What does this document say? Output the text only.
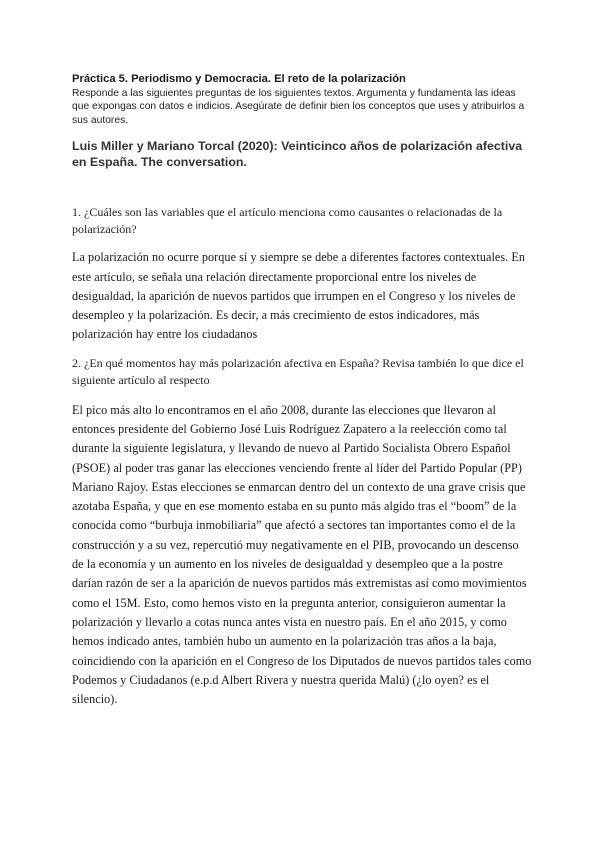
Práctica 5. Periodismo y Democracia. El reto de la polarización

Responde a las siguientes preguntas de los siguientes textos. Argumenta y fundamenta las ideas que expongas con datos e indicios. Asegúrate de definir bien los conceptos que uses y atribuirlos a sus autores.

Luis Miller y Mariano Torcal (2020): Veinticinco años de polarización afectiva en España. The conversation.

1. ¿Cuáles son las variables que el artículo menciona como causantes o relacionadas de la polarización?

La polarización no ocurre porque sí y siempre se debe a diferentes factores contextuales. En este artículo, se señala una relación directamente proporcional entre los niveles de desigualdad, la aparición de nuevos partidos que irrumpen en el Congreso y los niveles de desempleo y la polarización. Es decir, a más crecimiento de estos indicadores, más polarización hay entre los ciudadanos

2. ¿En qué momentos hay más polarización afectiva en España? Revisa también lo que dice el siguiente artículo al respecto

El pico más alto lo encontramos en el año 2008, durante las elecciones que llevaron al entonces presidente del Gobierno José Luis Rodríguez Zapatero a la reelección como tal durante la siguiente legislatura, y llevando de nuevo al Partido Socialista Obrero Español (PSOE) al poder tras ganar las elecciones venciendo frente al líder del Partido Popular (PP) Mariano Rajoy. Estas elecciones se enmarcan dentro del un contexto de una grave crisis que azotaba España, y que en ese momento estaba en su punto más algido tras el “boom” de la conocida como “burbuja inmobiliaria” que afectó a sectores tan importantes como el de la construcción y a su vez, repercutió muy negativamente en el PIB, provocando un descenso de la economía y un aumento en los niveles de desigualdad y desempleo que a la postre darían razón de ser a la aparición de nuevos partidos más extremistas así como movimientos como el 15M. Esto, como hemos visto en la pregunta anterior, consiguieron aumentar la polarización y llevarlo a cotas nunca antes vista en nuestro país. En el año 2015, y como hemos indicado antes, también hubo un aumento en la polarización tras años a la baja, coincidiendo con la aparición en el Congreso de los Diputados de nuevos partidos tales como Podemos y Ciudadanos (e.p.d Albert Rivera y nuestra querida Malú) (¿lo oyen? es el silencio).
